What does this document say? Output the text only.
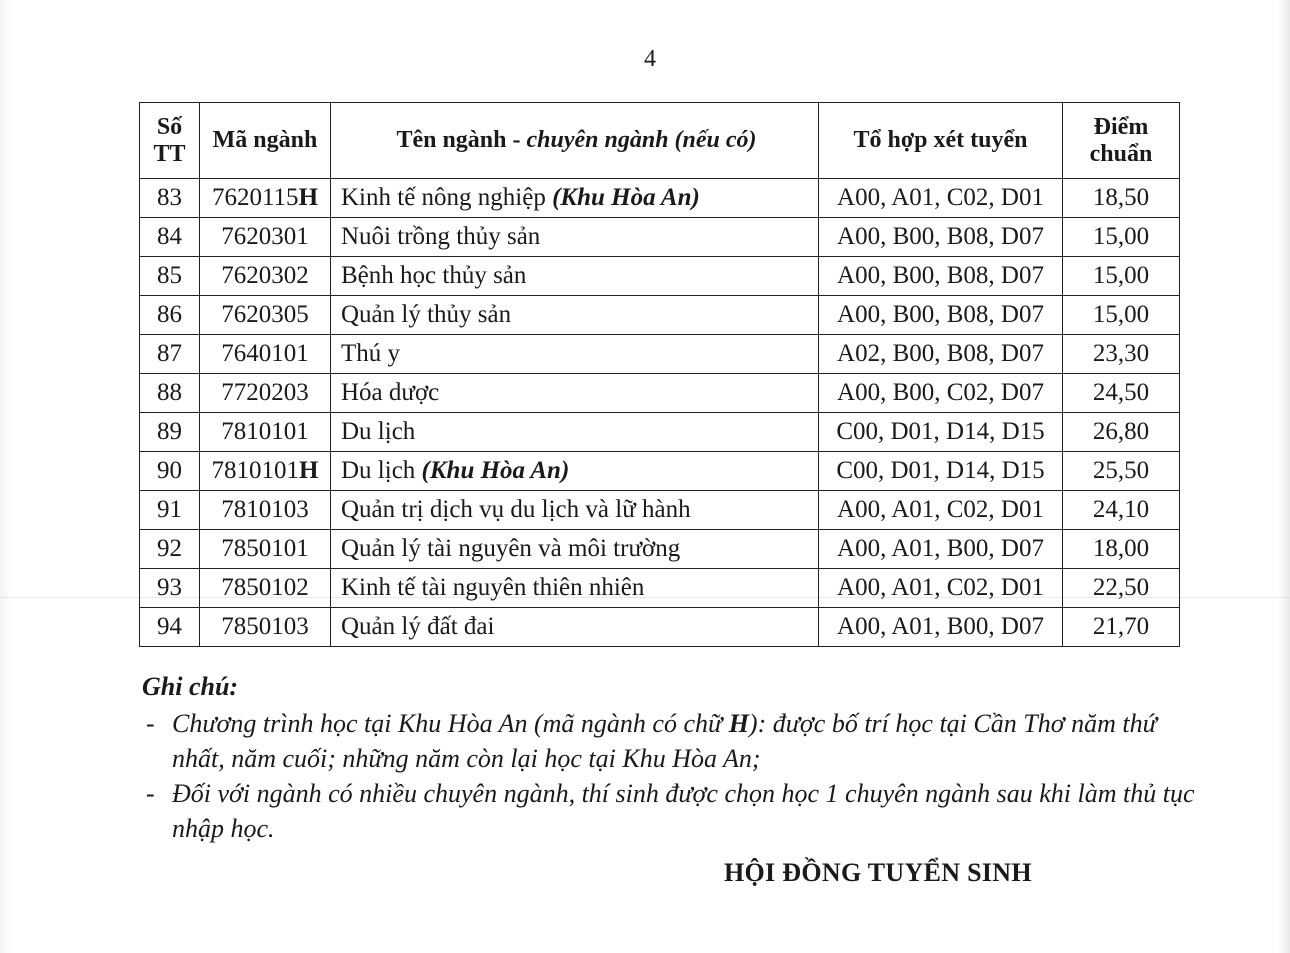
4
Số TT	Mã ngành	Tên ngành - chuyên ngành (nếu có)	Tổ hợp xét tuyển	Điểm chuẩn
83	7620115H	Kinh tế nông nghiệp (Khu Hòa An)	A00, A01, C02, D01	18,50
84	7620301	Nuôi trồng thủy sản	A00, B00, B08, D07	15,00
85	7620302	Bệnh học thủy sản	A00, B00, B08, D07	15,00
86	7620305	Quản lý thủy sản	A00, B00, B08, D07	15,00
87	7640101	Thú y	A02, B00, B08, D07	23,30
88	7720203	Hóa dược	A00, B00, C02, D07	24,50
89	7810101	Du lịch	C00, D01, D14, D15	26,80
90	7810101H	Du lịch (Khu Hòa An)	C00, D01, D14, D15	25,50
91	7810103	Quản trị dịch vụ du lịch và lữ hành	A00, A01, C02, D01	24,10
92	7850101	Quản lý tài nguyên và môi trường	A00, A01, B00, D07	18,00
93	7850102	Kinh tế tài nguyên thiên nhiên	A00, A01, C02, D01	22,50
94	7850103	Quản lý đất đai	A00, A01, B00, D07	21,70
Ghi chú:
- Chương trình học tại Khu Hòa An (mã ngành có chữ H): được bố trí học tại Cần Thơ năm thứ nhất, năm cuối; những năm còn lại học tại Khu Hòa An;
- Đối với ngành có nhiều chuyên ngành, thí sinh được chọn học 1 chuyên ngành sau khi làm thủ tục nhập học.
HỘI ĐỒNG TUYỂN SINH
